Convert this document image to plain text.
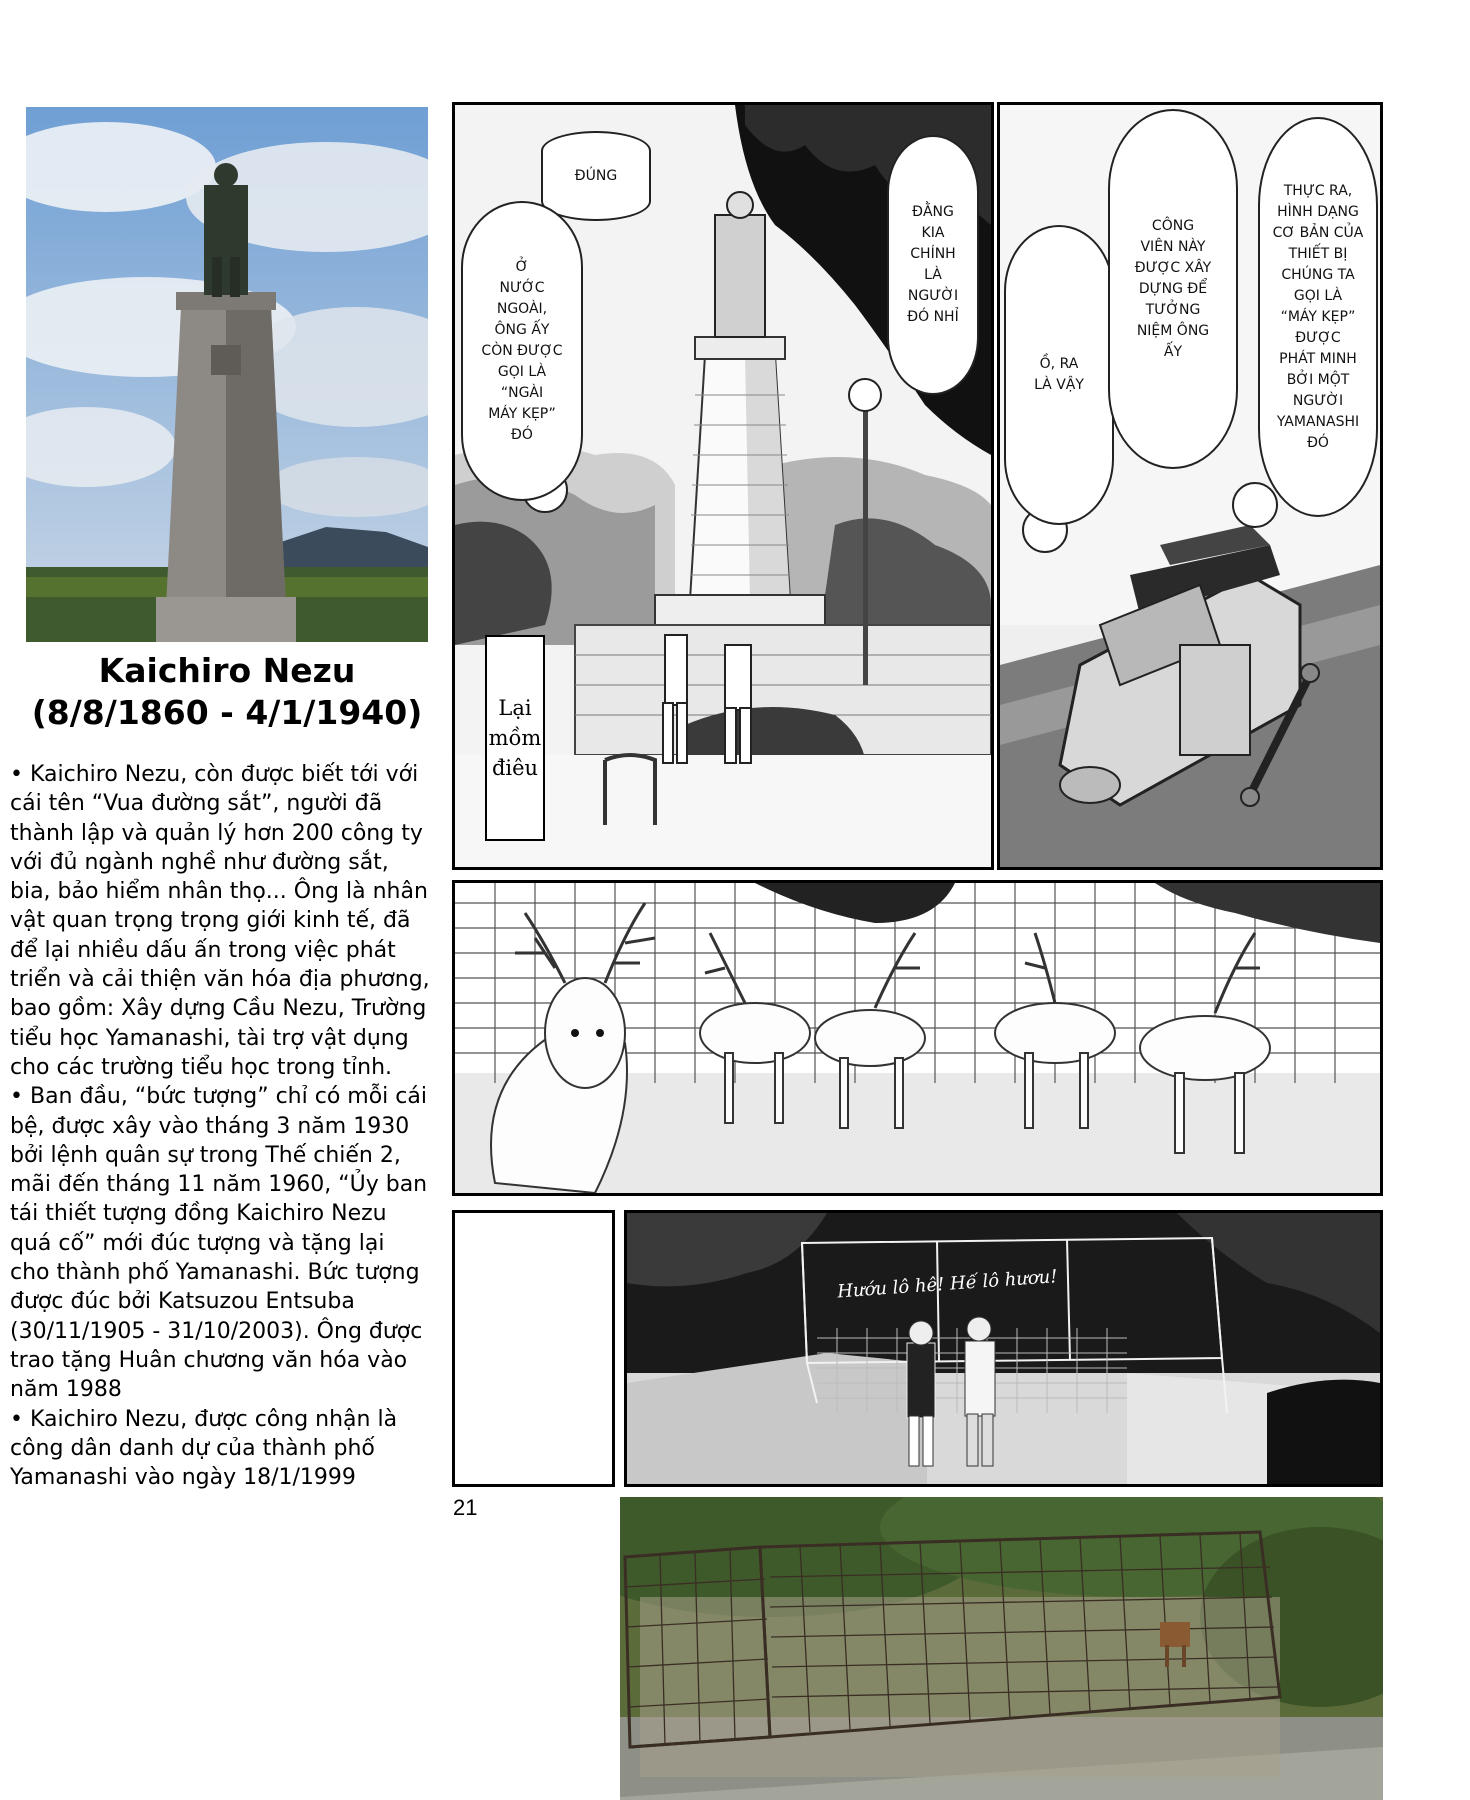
Kaichiro Nezu
(8/8/1860 - 4/1/1940)
• Kaichiro Nezu, còn được biết tới với
cái tên “Vua đường sắt”, người đã
thành lập và quản lý hơn 200 công ty
với đủ ngành nghề như đường sắt,
bia, bảo hiểm nhân thọ... Ông là nhân
vật quan trọng trọng giới kinh tế, đã
để lại nhiều dấu ấn trong việc phát
triển và cải thiện văn hóa địa phương,
bao gồm: Xây dựng Cầu Nezu, Trường
tiểu học Yamanashi, tài trợ vật dụng
cho các trường tiểu học trong tỉnh.
• Ban đầu, “bức tượng” chỉ có mỗi cái
bệ, được xây vào tháng 3 năm 1930
bởi lệnh quân sự trong Thế chiến 2,
mãi đến tháng 11 năm 1960, “Ủy ban
tái thiết tượng đồng Kaichiro Nezu
quá cố” mới đúc tượng và tặng lại
cho thành phố Yamanashi. Bức tượng
được đúc bởi Katsuzou Entsuba
(30/11/1905 - 31/10/2003). Ông được
trao tặng Huân chương văn hóa vào
năm 1988
• Kaichiro Nezu, được công nhận là
công dân danh dự của thành phố
Yamanashi vào ngày 18/1/1999
ĐÚNG
Ở
NƯỚC
NGOÀI,
ÔNG ẤY
CÒN ĐƯỢC
GỌI LÀ
“NGÀI
MÁY KẸP”
ĐÓ
ĐẰNG
KIA CHÍNH
LÀ NGƯỜI
ĐÓ NHỈ
Lại
mồm
điêu
Ồ, RA
LÀ VẬY
CÔNG
VIÊN NÀY
ĐƯỢC XÂY
DỰNG ĐỂ
TƯỞNG
NIỆM ÔNG
ẤY
THỰC RA,
HÌNH DẠNG
CƠ BẢN CỦA
THIẾT BỊ
CHÚNG TA
GỌI LÀ
“MÁY KẸP”
ĐƯỢC
PHÁT MINH
BỞI MỘT
NGƯỜI
YAMANASHI
ĐÓ
Hướu lô hê! Hế lô hươu!
21
